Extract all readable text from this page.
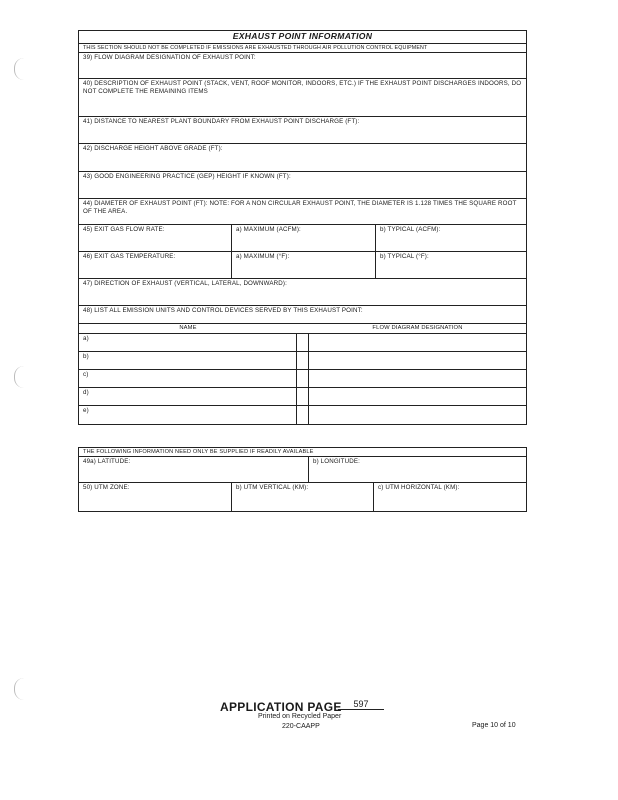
EXHAUST POINT INFORMATION
THIS SECTION SHOULD NOT BE COMPLETED IF EMISSIONS ARE EXHAUSTED THROUGH AIR POLLUTION CONTROL EQUIPMENT
39) FLOW DIAGRAM DESIGNATION OF EXHAUST POINT:
40) DESCRIPTION OF EXHAUST POINT (STACK, VENT, ROOF MONITOR, INDOORS, ETC.) IF THE EXHAUST POINT DISCHARGES INDOORS, DO NOT COMPLETE THE REMAINING ITEMS
41) DISTANCE TO NEAREST PLANT BOUNDARY FROM EXHAUST POINT DISCHARGE (FT):
42) DISCHARGE HEIGHT ABOVE GRADE (FT):
43) GOOD ENGINEERING PRACTICE (GEP) HEIGHT IF KNOWN (FT):
44) DIAMETER OF EXHAUST POINT (FT): NOTE: FOR A NON CIRCULAR EXHAUST POINT, THE DIAMETER IS 1.128 TIMES THE SQUARE ROOT OF THE AREA.
45) EXIT GAS FLOW RATE:	a) MAXIMUM (ACFM):	b) TYPICAL (ACFM):
46) EXIT GAS TEMPERATURE:	a) MAXIMUM (°F):	b) TYPICAL (°F):
47) DIRECTION OF EXHAUST (VERTICAL, LATERAL, DOWNWARD):
48) LIST ALL EMISSION UNITS AND CONTROL DEVICES SERVED BY THIS EXHAUST POINT:
NAME	FLOW DIAGRAM DESIGNATION
a)
b)
c)
d)
e)
THE FOLLOWING INFORMATION NEED ONLY BE SUPPLIED IF READILY AVAILABLE
49a) LATITUDE:	b) LONGITUDE:
50) UTM ZONE:	b) UTM VERTICAL (KM):	c) UTM HORIZONTAL (KM):
APPLICATION PAGE	597
Printed on Recycled Paper
220-CAAPP	Page 10 of 10
